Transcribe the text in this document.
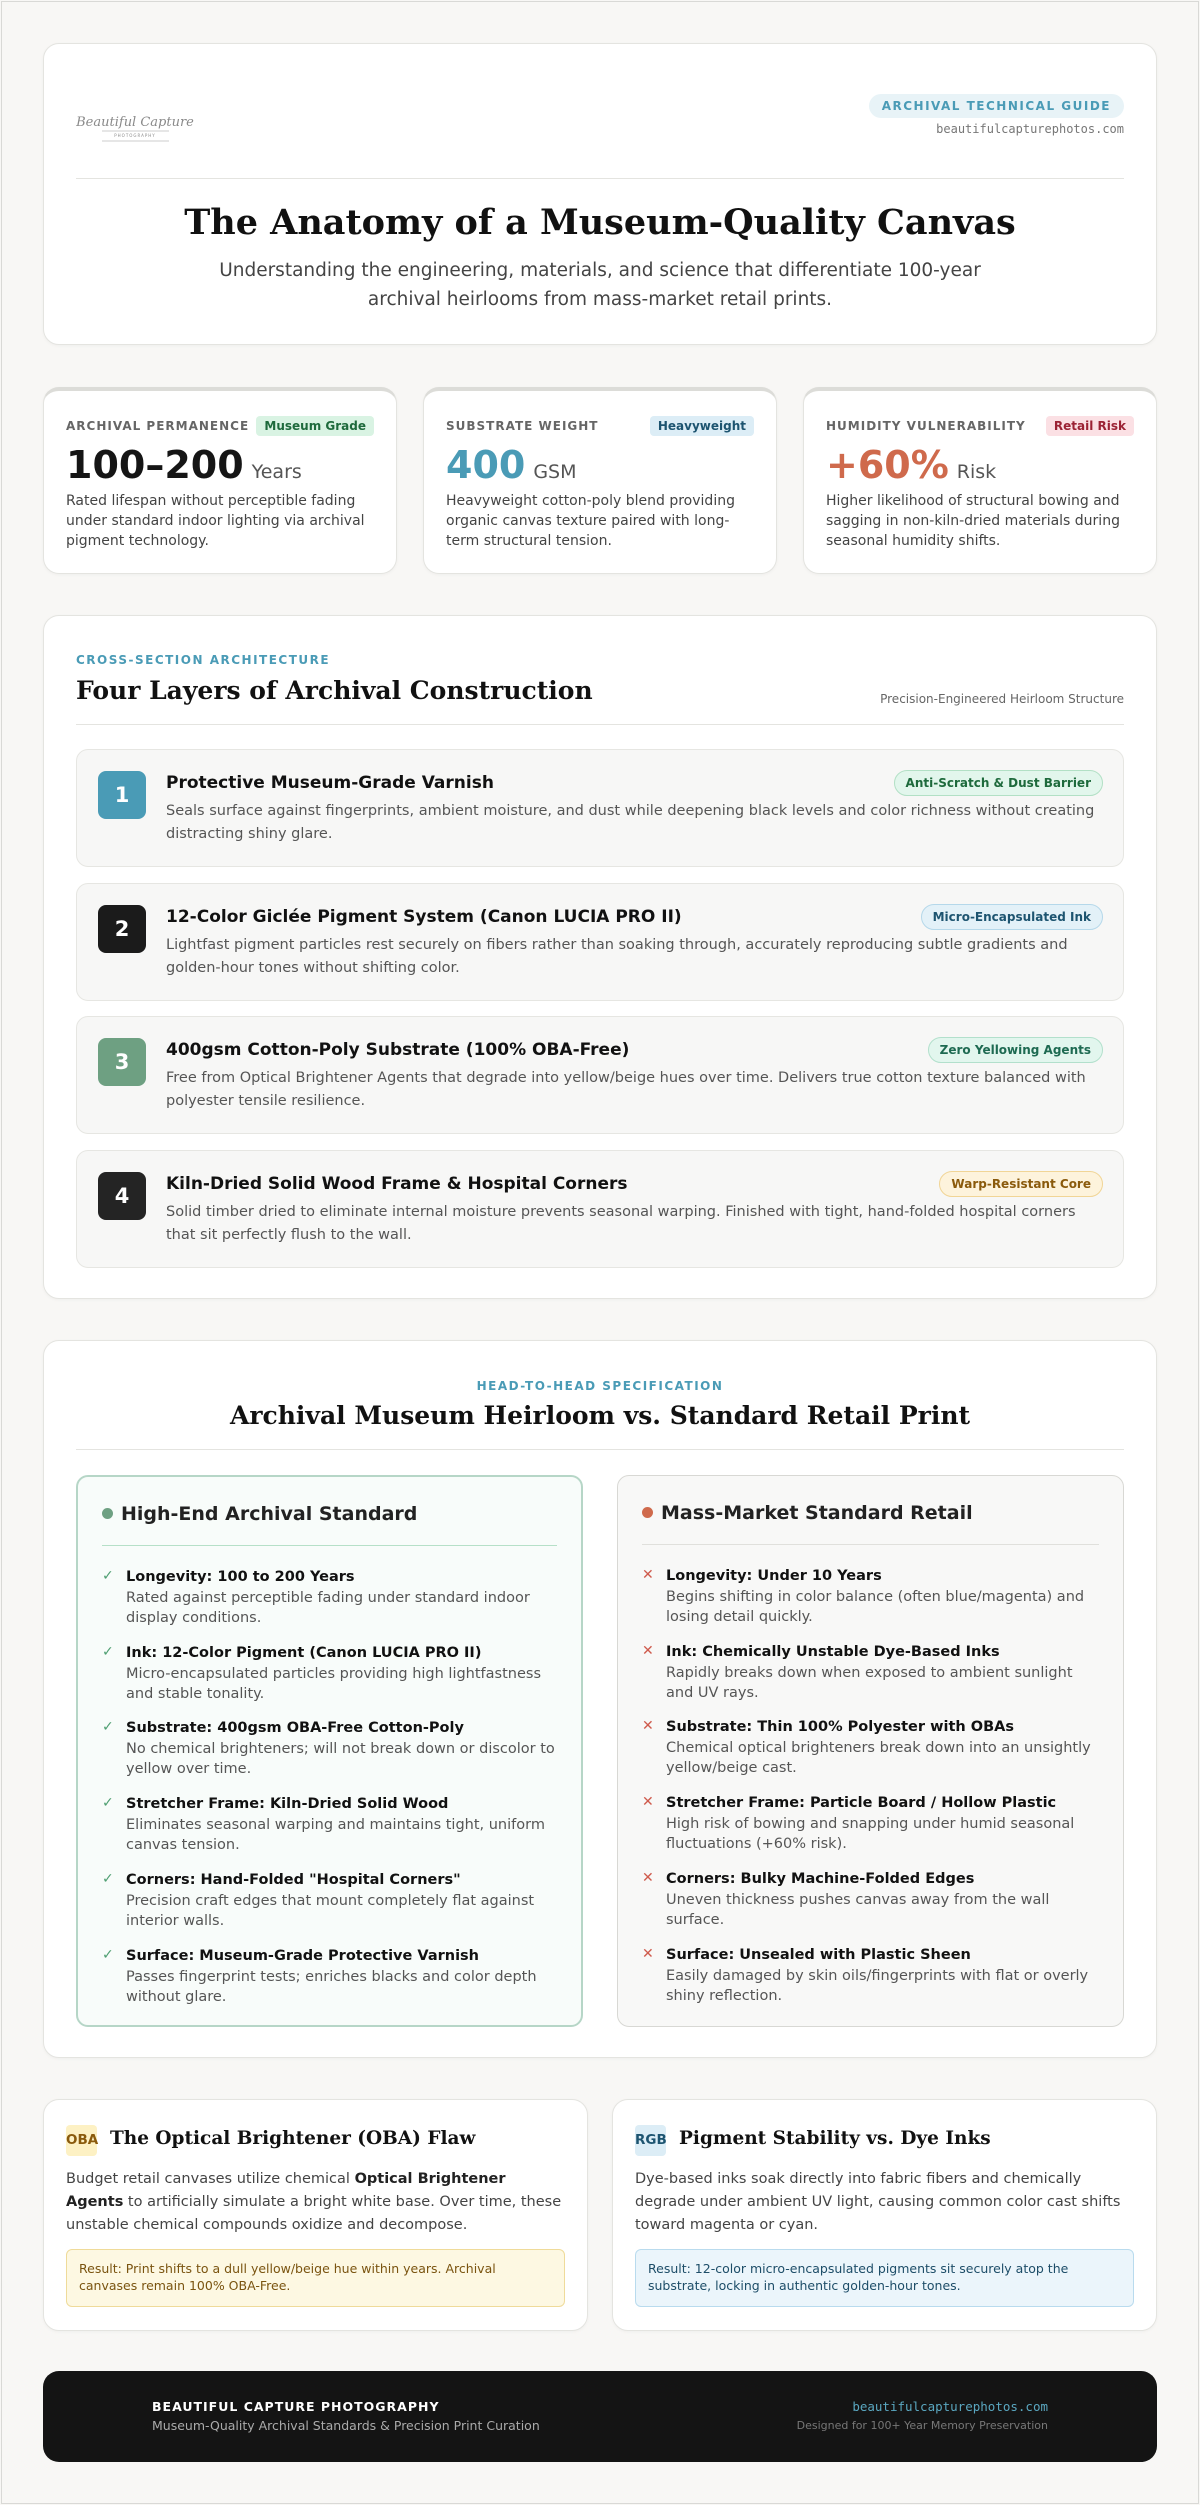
Beautiful Capture
PHOTOGRAPHY
ARCHIVAL TECHNICAL GUIDE
beautifulcapturephotos.com
The Anatomy of a Museum-Quality Canvas

Understanding the engineering, materials, and science that differentiate 100-year archival heirlooms from mass-market retail prints.

ARCHIVAL PERMANENCE	Museum Grade
100–200 Years

Rated lifespan without perceptible fading under standard indoor lighting via archival pigment technology.

SUBSTRATE WEIGHT	Heavyweight
400 GSM

Heavyweight cotton-poly blend providing organic canvas texture paired with long-term structural tension.

HUMIDITY VULNERABILITY	Retail Risk
+60% Risk

Higher likelihood of structural bowing and sagging in non-kiln-dried materials during seasonal humidity shifts.

CROSS-SECTION ARCHITECTURE
Four Layers of Archival Construction	Precision-Engineered Heirloom Structure
1	Protective Museum-Grade Varnish

Seals surface against fingerprints, ambient moisture, and dust while deepening black levels and color richness without creating distracting shiny glare.

Anti-Scratch & Dust Barrier
2	12-Color Giclée Pigment System (Canon LUCIA PRO II)

Lightfast pigment particles rest securely on fibers rather than soaking through, accurately reproducing subtle gradients and golden-hour tones without shifting color.

Micro-Encapsulated Ink
3	400gsm Cotton-Poly Substrate (100% OBA-Free)

Free from Optical Brightener Agents that degrade into yellow/beige hues over time. Delivers true cotton texture balanced with polyester tensile resilience.

Zero Yellowing Agents
4	Kiln-Dried Solid Wood Frame & Hospital Corners

Solid timber dried to eliminate internal moisture prevents seasonal warping. Finished with tight, hand-folded hospital corners that sit perfectly flush to the wall.

Warp-Resistant Core
HEAD-TO-HEAD SPECIFICATION
Archival Museum Heirloom vs. Standard Retail Print
High-End Archival Standard
✓ Longevity: 100 to 200 Years
Rated against perceptible fading under standard indoor display conditions.
✓ Ink: 12-Color Pigment (Canon LUCIA PRO II)
Micro-encapsulated particles providing high lightfastness and stable tonality.
✓ Substrate: 400gsm OBA-Free Cotton-Poly
No chemical brighteners; will not break down or discolor to yellow over time.
✓ Stretcher Frame: Kiln-Dried Solid Wood
Eliminates seasonal warping and maintains tight, uniform canvas tension.
✓ Corners: Hand-Folded "Hospital Corners"
Precision craft edges that mount completely flat against interior walls.
✓ Surface: Museum-Grade Protective Varnish
Passes fingerprint tests; enriches blacks and color depth without glare.
Mass-Market Standard Retail
✕ Longevity: Under 10 Years
Begins shifting in color balance (often blue/magenta) and losing detail quickly.
✕ Ink: Chemically Unstable Dye-Based Inks
Rapidly breaks down when exposed to ambient sunlight and UV rays.
✕ Substrate: Thin 100% Polyester with OBAs
Chemical optical brighteners break down into an unsightly yellow/beige cast.
✕ Stretcher Frame: Particle Board / Hollow Plastic
High risk of bowing and snapping under humid seasonal fluctuations (+60% risk).
✕ Corners: Bulky Machine-Folded Edges
Uneven thickness pushes canvas away from the wall surface.
✕ Surface: Unsealed with Plastic Sheen
Easily damaged by skin oils/fingerprints with flat or overly shiny reflection.
OBA The Optical Brightener (OBA) Flaw

Budget retail canvases utilize chemical Optical Brightener Agents to artificially simulate a bright white base. Over time, these unstable chemical compounds oxidize and decompose.

Result: Print shifts to a dull yellow/beige hue within years. Archival canvases remain 100% OBA-Free.
RGB Pigment Stability vs. Dye Inks

Dye-based inks soak directly into fabric fibers and chemically degrade under ambient UV light, causing common color cast shifts toward magenta or cyan.

Result: 12-color micro-encapsulated pigments sit securely atop the substrate, locking in authentic golden-hour tones.
BEAUTIFUL CAPTURE PHOTOGRAPHY
Museum-Quality Archival Standards & Precision Print Curation
beautifulcapturephotos.com
Designed for 100+ Year Memory Preservation
